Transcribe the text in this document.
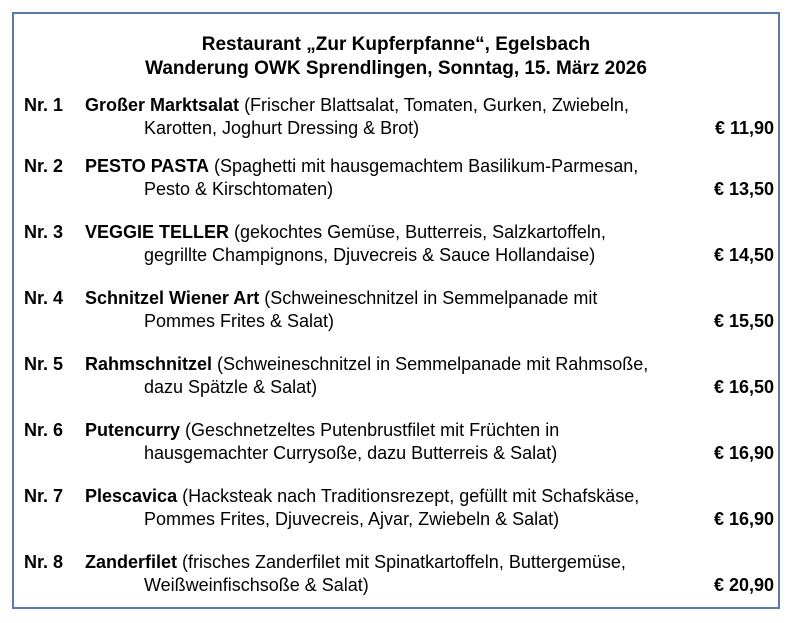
Restaurant „Zur Kupferpfanne“, Egelsbach
Wanderung OWK Sprendlingen, Sonntag, 15. März 2026
Nr. 1 Großer Marktsalat (Frischer Blattsalat, Tomaten, Gurken, Zwiebeln,
Karotten, Joghurt Dressing & Brot)	€ 11,90
Nr. 2 PESTO PASTA (Spaghetti mit hausgemachtem Basilikum-Parmesan,
Pesto & Kirschtomaten)	€ 13,50
Nr. 3 VEGGIE TELLER (gekochtes Gemüse, Butterreis, Salzkartoffeln,
gegrillte Champignons, Djuvecreis & Sauce Hollandaise)	€ 14,50
Nr. 4 Schnitzel Wiener Art (Schweineschnitzel in Semmelpanade mit
Pommes Frites & Salat)	€ 15,50
Nr. 5 Rahmschnitzel (Schweineschnitzel in Semmelpanade mit Rahmsoße,
dazu Spätzle & Salat)	€ 16,50
Nr. 6 Putencurry (Geschnetzeltes Putenbrustfilet mit Früchten in
hausgemachter Currysoße, dazu Butterreis & Salat)	€ 16,90
Nr. 7 Plescavica (Hacksteak nach Traditionsrezept, gefüllt mit Schafskäse,
Pommes Frites, Djuvecreis, Ajvar, Zwiebeln & Salat)	€ 16,90
Nr. 8 Zanderfilet (frisches Zanderfilet mit Spinatkartoffeln, Buttergemüse,
Weißweinfischsoße & Salat)	€ 20,90
